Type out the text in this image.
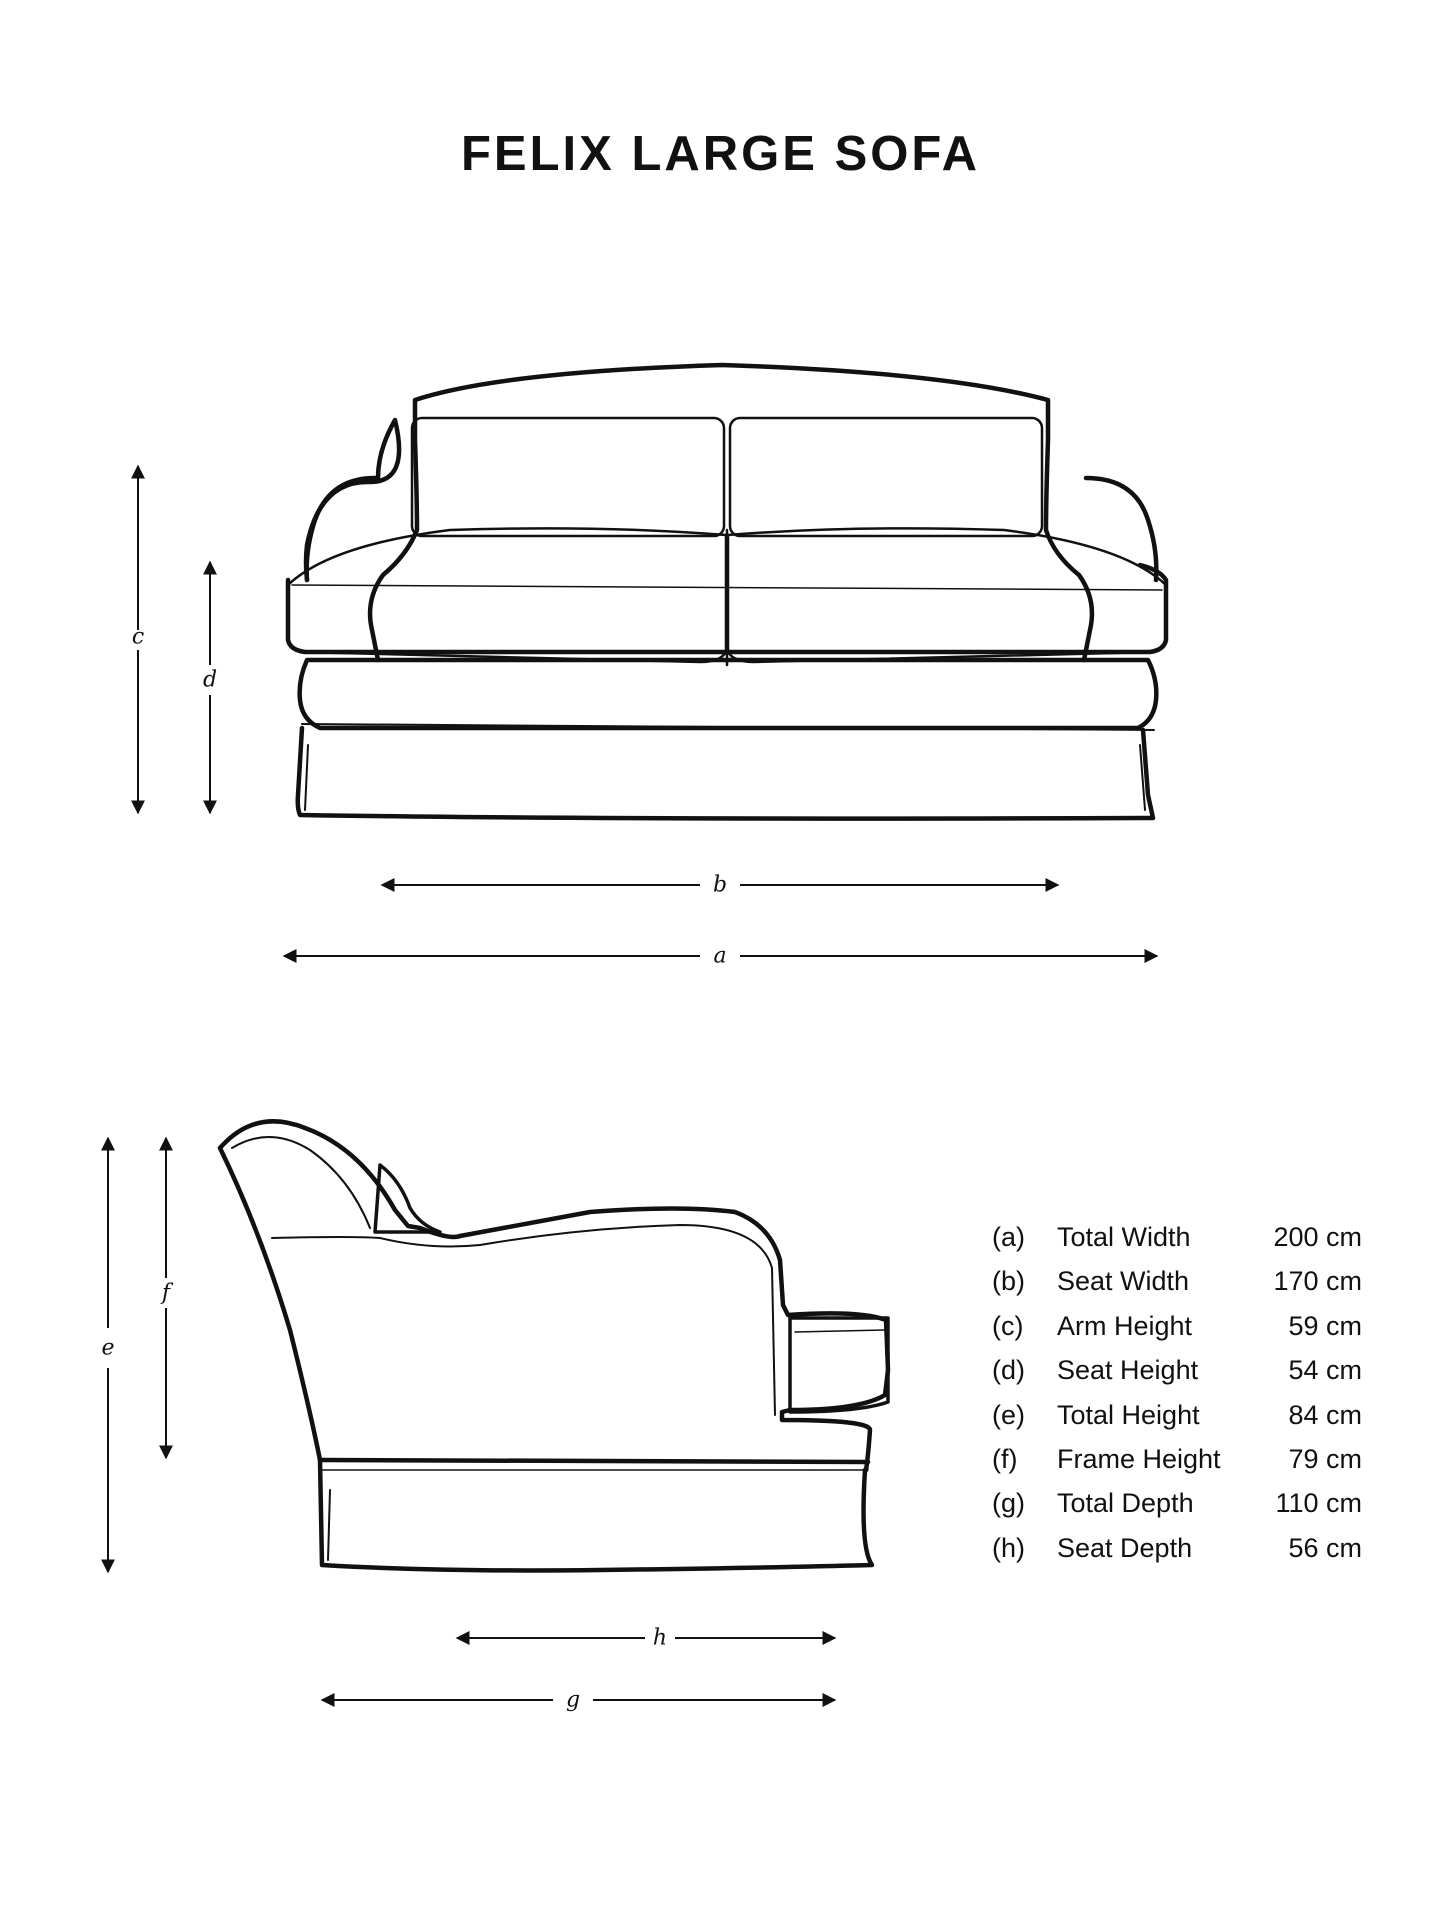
FELIX LARGE SOFA
c
d
b
a
e
f
h
g
(a) Total Width	200 cm
(b) Seat Width	170 cm
(c) Arm Height	59 cm
(d) Seat Height	54 cm
(e) Total Height	84 cm
(f) Frame Height	79 cm
(g) Total Depth	110 cm
(h) Seat Depth	56 cm
